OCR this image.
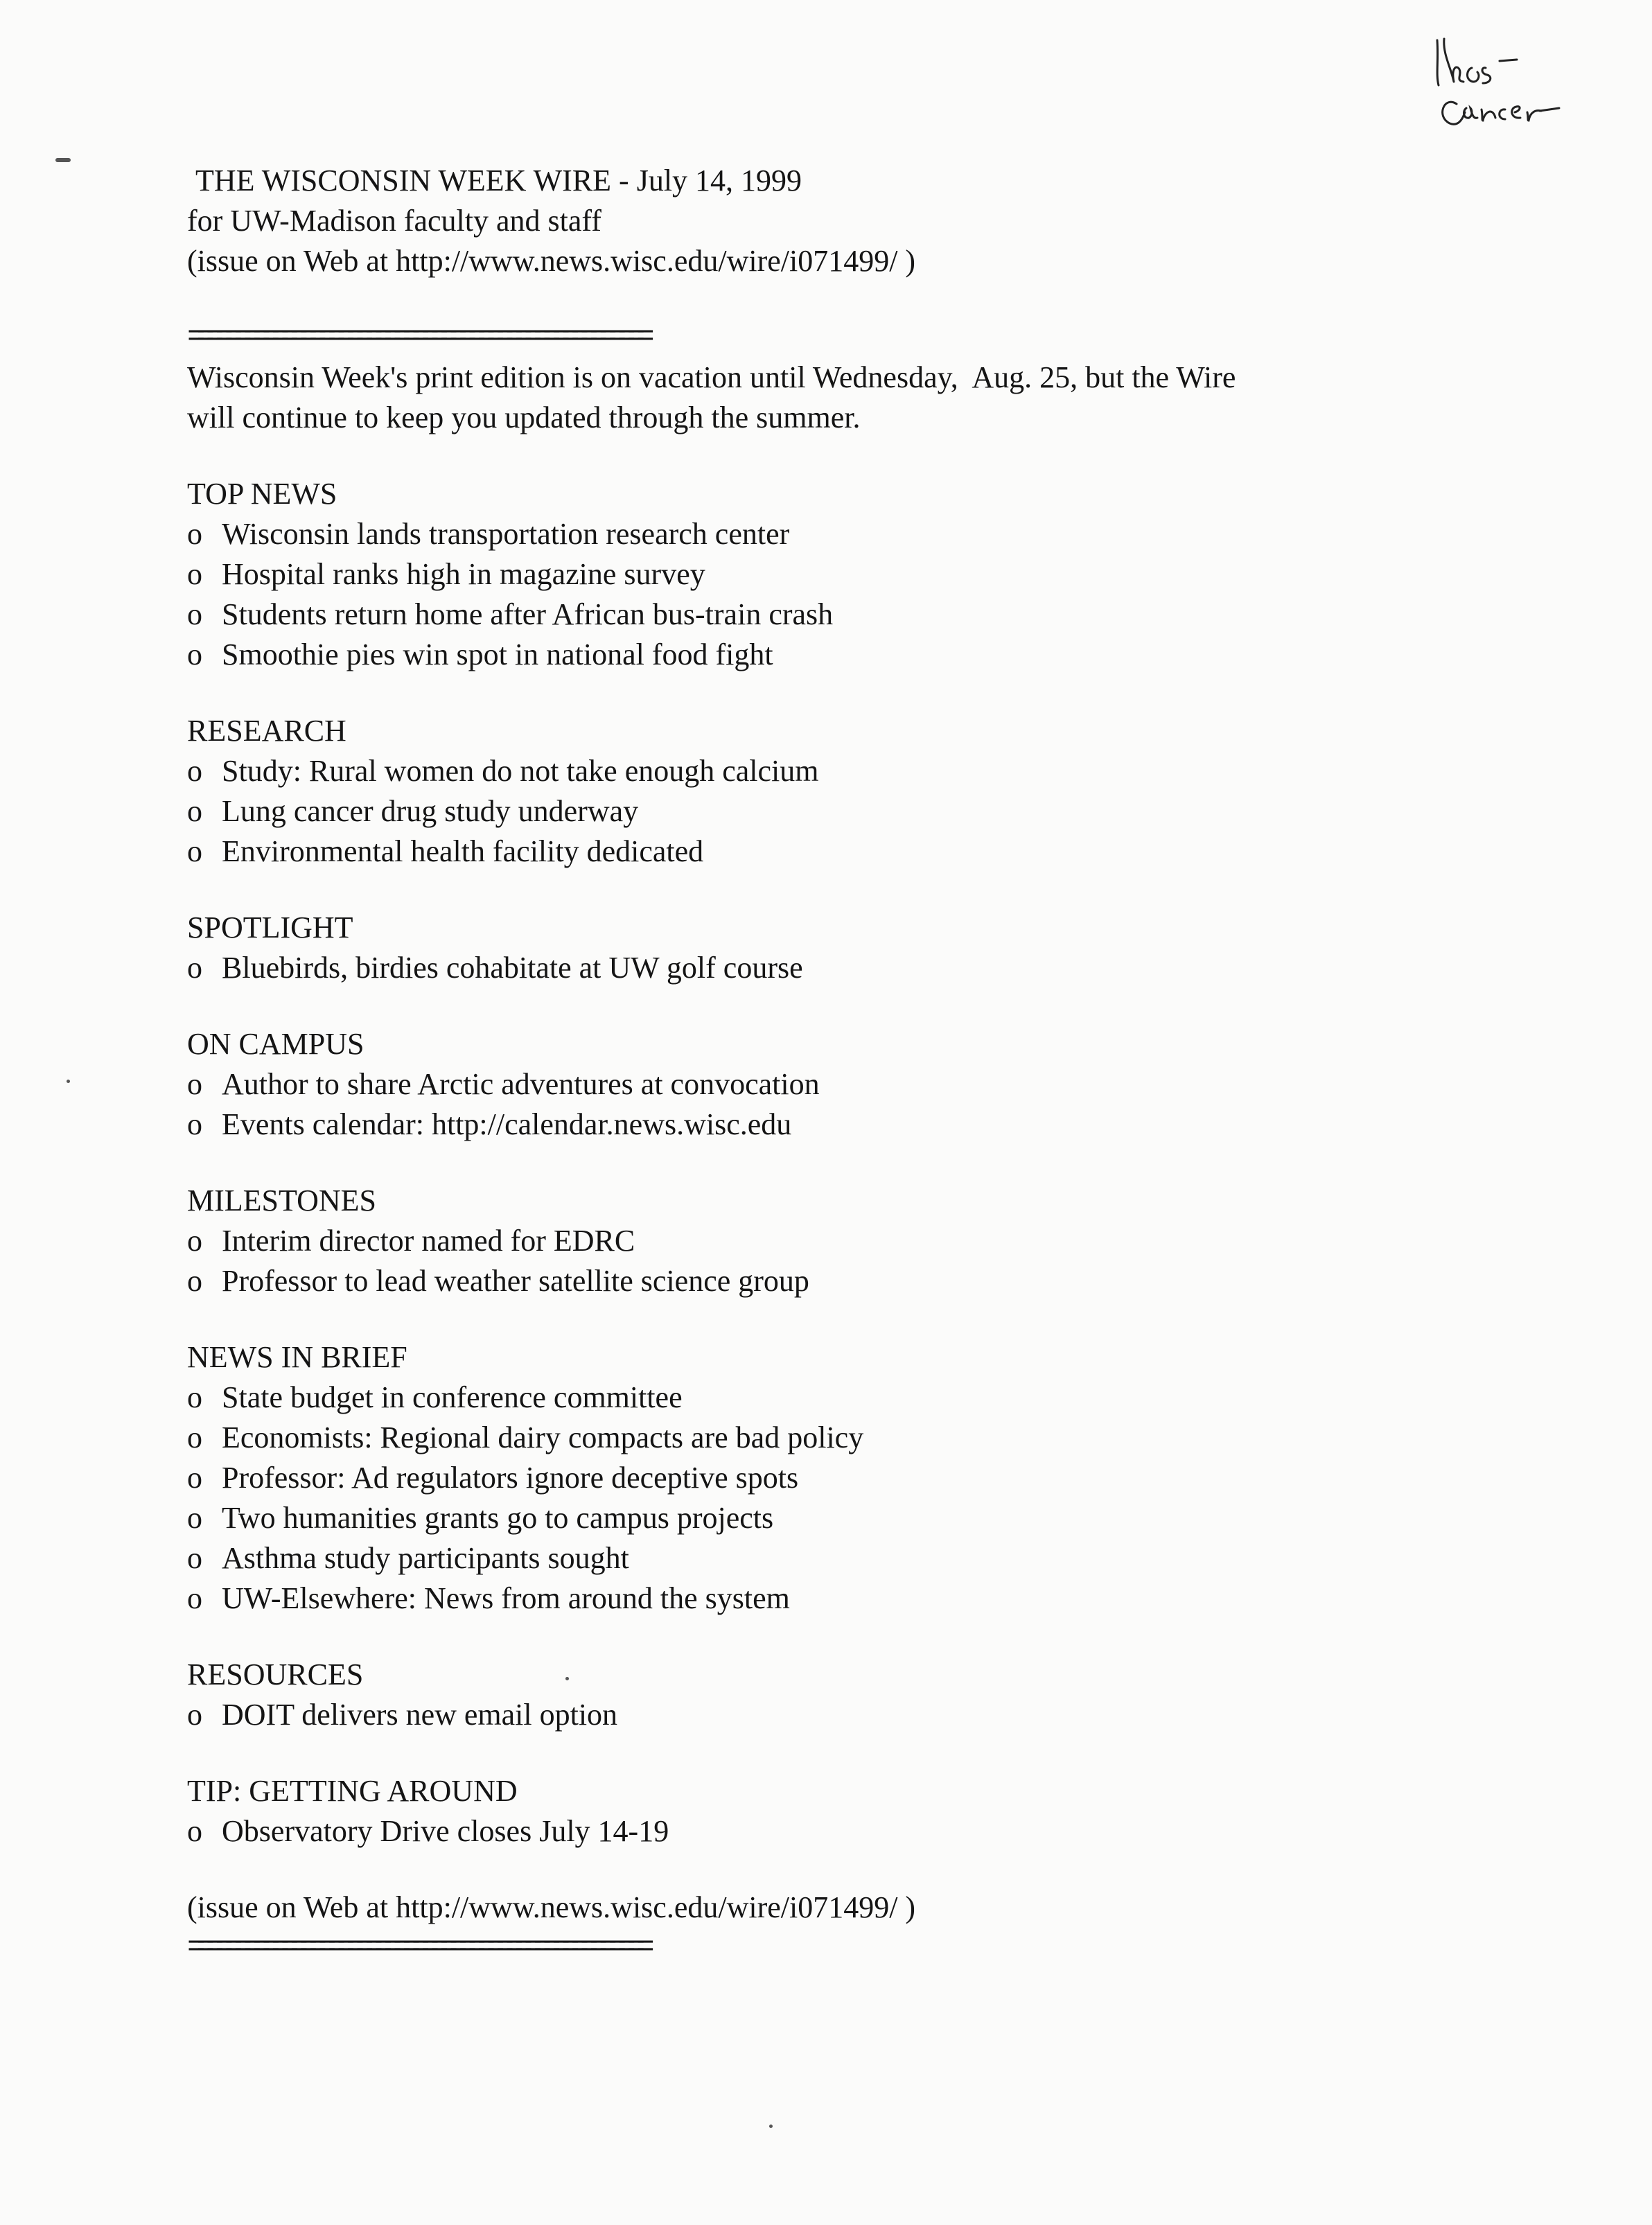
THE WISCONSIN WEEK WIRE - July 14, 1999
for UW-Madison faculty and staff
(issue on Web at http://www.news.wisc.edu/wire/i071499/ )
=================================================
Wisconsin Week's print edition is on vacation until Wednesday,  Aug. 25, but the Wire
will continue to keep you updated through the summer.
TOP NEWS
o Wisconsin lands transportation research center
o Hospital ranks high in magazine survey
o Students return home after African bus-train crash
o Smoothie pies win spot in national food fight
RESEARCH
o Study: Rural women do not take enough calcium
o Lung cancer drug study underway
o Environmental health facility dedicated
SPOTLIGHT
o Bluebirds, birdies cohabitate at UW golf course
ON CAMPUS
o Author to share Arctic adventures at convocation
o Events calendar: http://calendar.news.wisc.edu
MILESTONES
o Interim director named for EDRC
o Professor to lead weather satellite science group
NEWS IN BRIEF
o State budget in conference committee
o Economists: Regional dairy compacts are bad policy
o Professor: Ad regulators ignore deceptive spots
o Two humanities grants go to campus projects
o Asthma study participants sought
o UW-Elsewhere: News from around the system
RESOURCES
o DOIT delivers new email option
TIP: GETTING AROUND
o Observatory Drive closes July 14-19
(issue on Web at http://www.news.wisc.edu/wire/i071499/ )
=================================================
